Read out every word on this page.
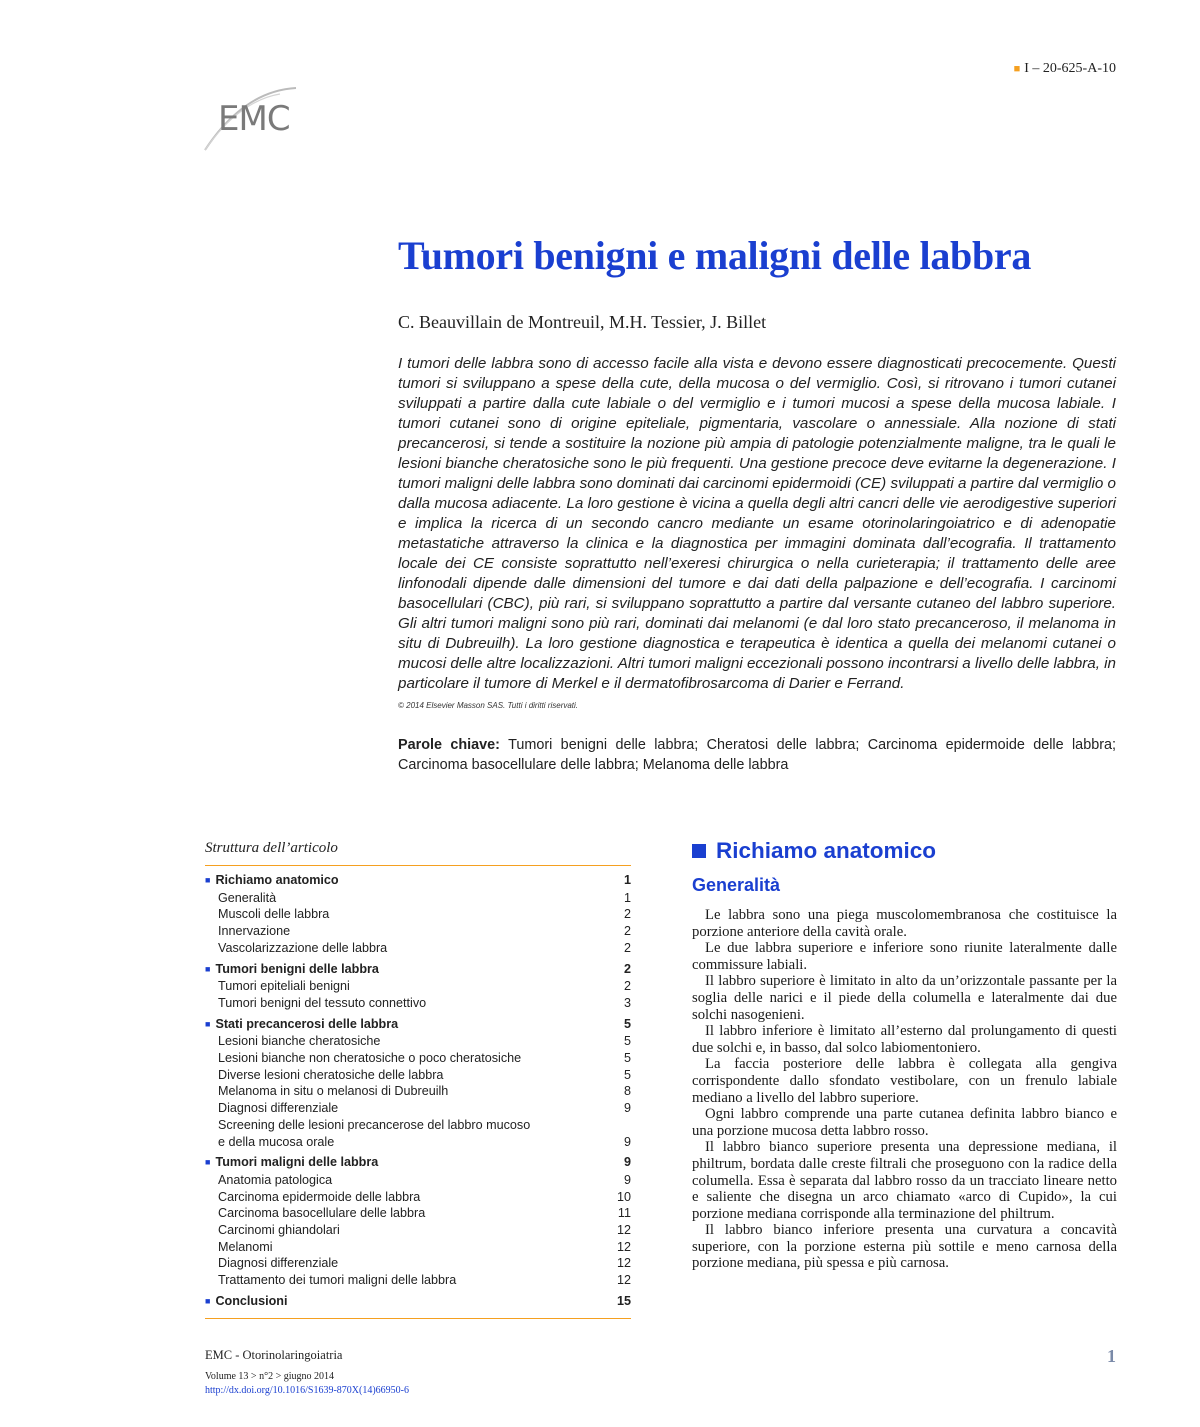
EMC
■ I – 20-625-A-10
Tumori benigni e maligni delle labbra
C. Beauvillain de Montreuil, M.H. Tessier, J. Billet

I tumori delle labbra sono di accesso facile alla vista e devono essere diagnosticati precocemente. Questi tumori si sviluppano a spese della cute, della mucosa o del vermiglio. Così, si ritrovano i tumori cutanei sviluppati a partire dalla cute labiale o del vermiglio e i tumori mucosi a spese della mucosa labiale. I tumori cutanei sono di origine epiteliale, pigmentaria, vascolare o annessiale. Alla nozione di stati precancerosi, si tende a sostituire la nozione più ampia di patologie potenzialmente maligne, tra le quali le lesioni bianche cheratosiche sono le più frequenti. Una gestione precoce deve evitarne la degenerazione. I tumori maligni delle labbra sono dominati dai carcinomi epidermoidi (CE) sviluppati a partire dal vermiglio o dalla mucosa adiacente. La loro gestione è vicina a quella degli altri cancri delle vie aerodigestive superiori e implica la ricerca di un secondo cancro mediante un esame otorinolaringoiatrico e di adenopatie metastatiche attraverso la clinica e la diagnostica per immagini dominata dall’ecografia. Il trattamento locale dei CE consiste soprattutto nell’exeresi chirurgica o nella curieterapia; il trattamento delle aree linfonodali dipende dalle dimensioni del tumore e dai dati della palpazione e dell’ecografia. I carcinomi basocellulari (CBC), più rari, si sviluppano soprattutto a partire dal versante cutaneo del labbro superiore. Gli altri tumori maligni sono più rari, dominati dai melanomi (e dal loro stato precanceroso, il melanoma in situ di Dubreuilh). La loro gestione diagnostica e terapeutica è identica a quella dei melanomi cutanei o mucosi delle altre localizzazioni. Altri tumori maligni eccezionali possono incontrarsi a livello delle labbra, in particolare il tumore di Merkel e il dermatofibrosarcoma di Darier e Ferrand.

© 2014 Elsevier Masson SAS. Tutti i diritti riservati.

Parole chiave: Tumori benigni delle labbra; Cheratosi delle labbra; Carcinoma epidermoide delle labbra; Carcinoma basocellulare delle labbra; Melanoma delle labbra

Struttura dell’articolo
■ Richiamo anatomico	1
Generalità	1
Muscoli delle labbra	2
Innervazione	2
Vascolarizzazione delle labbra	2
■ Tumori benigni delle labbra	2
Tumori epiteliali benigni	2
Tumori benigni del tessuto connettivo	3
■ Stati precancerosi delle labbra	5
Lesioni bianche cheratosiche	5
Lesioni bianche non cheratosiche o poco cheratosiche	5
Diverse lesioni cheratosiche delle labbra	5
Melanoma in situ o melanosi di Dubreuilh	8
Diagnosi differenziale	9
Screening delle lesioni precancerose del labbro mucoso
e della mucosa orale	9
■ Tumori maligni delle labbra	9
Anatomia patologica	9
Carcinoma epidermoide delle labbra	10
Carcinoma basocellulare delle labbra	11
Carcinomi ghiandolari	12
Melanomi	12
Diagnosi differenziale	12
Trattamento dei tumori maligni delle labbra	12
■ Conclusioni	15
Richiamo anatomico
Generalità

Le labbra sono una piega muscolomembranosa che costituisce la porzione anteriore della cavità orale.

Le due labbra superiore e inferiore sono riunite lateralmente dalle commissure labiali.

Il labbro superiore è limitato in alto da un’orizzontale passante per la soglia delle narici e il piede della columella e lateralmente dai due solchi nasogenieni.

Il labbro inferiore è limitato all’esterno dal prolungamento di questi due solchi e, in basso, dal solco labiomentoniero.

La faccia posteriore delle labbra è collegata alla gengiva corrispondente dallo sfondato vestibolare, con un frenulo labiale mediano a livello del labbro superiore.

Ogni labbro comprende una parte cutanea definita labbro bianco e una porzione mucosa detta labbro rosso.

Il labbro bianco superiore presenta una depressione mediana, il philtrum, bordata dalle creste filtrali che proseguono con la radice della columella. Essa è separata dal labbro rosso da un tracciato lineare netto e saliente che disegna un arco chiamato «arco di Cupido», la cui porzione mediana corrisponde alla terminazione del philtrum.

Il labbro bianco inferiore presenta una curvatura a concavità superiore, con la porzione esterna più sottile e meno carnosa della porzione mediana, più spessa e più carnosa.

EMC - Otorinolaringoiatria
Volume 13 > n°2 > giugno 2014
http://dx.doi.org/10.1016/S1639-870X(14)66950-6
1
